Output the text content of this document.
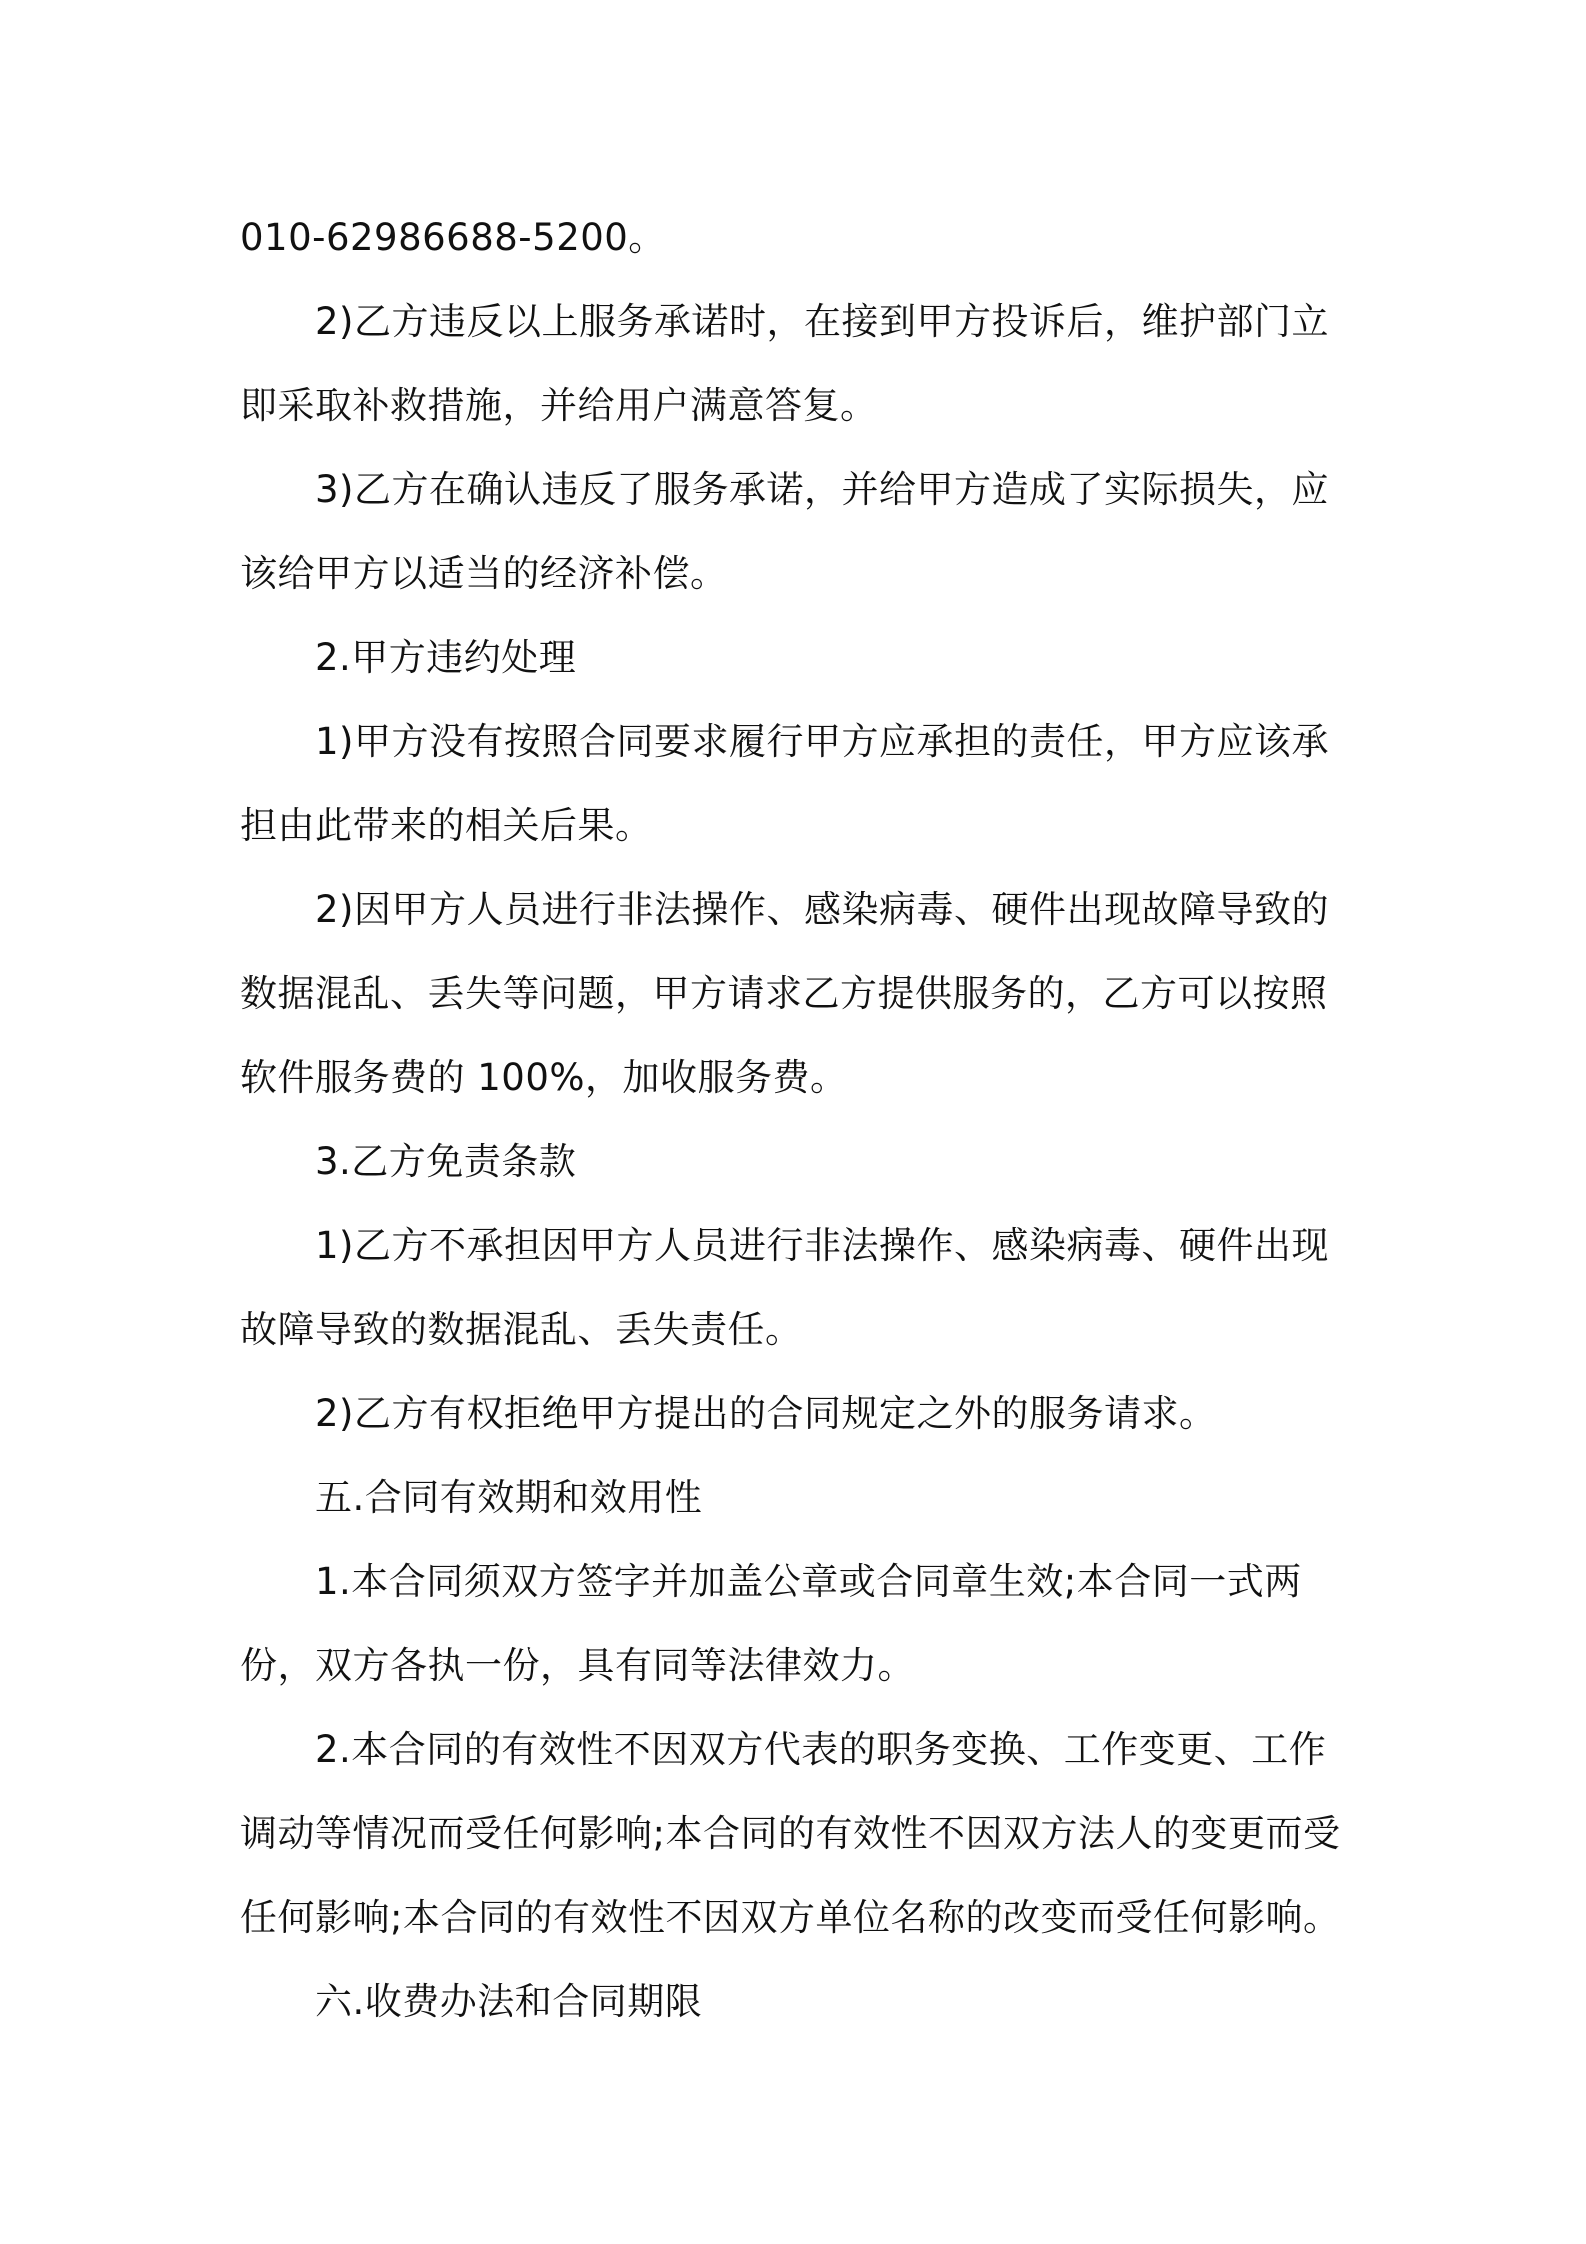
010-62986688-5200。

2)乙方违反以上服务承诺时，在接到甲方投诉后，维护部门立即采取补救措施，并给用户满意答复。

3)乙方在确认违反了服务承诺，并给甲方造成了实际损失，应该给甲方以适当的经济补偿。

2.甲方违约处理

1)甲方没有按照合同要求履行甲方应承担的责任，甲方应该承担由此带来的相关后果。

2)因甲方人员进行非法操作、感染病毒、硬件出现故障导致的数据混乱、丢失等问题，甲方请求乙方提供服务的，乙方可以按照软件服务费的 100%，加收服务费。

3.乙方免责条款

1)乙方不承担因甲方人员进行非法操作、感染病毒、硬件出现故障导致的数据混乱、丢失责任。

2)乙方有权拒绝甲方提出的合同规定之外的服务请求。

五.合同有效期和效用性

1.本合同须双方签字并加盖公章或合同章生效;本合同一式两份，双方各执一份，具有同等法律效力。

2.本合同的有效性不因双方代表的职务变换、工作变更、工作调动等情况而受任何影响;本合同的有效性不因双方法人的变更而受任何影响;本合同的有效性不因双方单位名称的改变而受任何影响。

六.收费办法和合同期限
